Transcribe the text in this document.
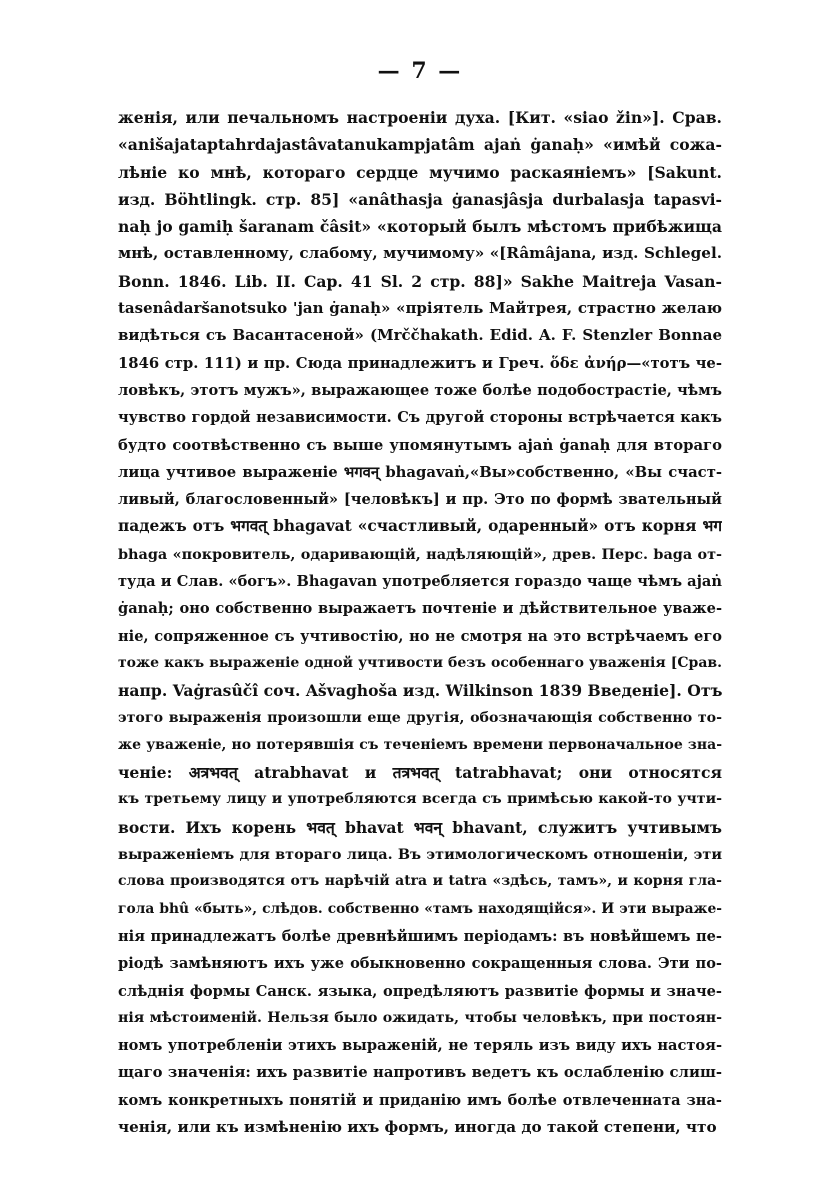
— 7 —
женія, или печальномъ настроеніи духа. [Кит. «siao žin»]. Срав.
«anišajataptahrdajastâvatanukampjatâm ajaṅ ġanaḥ» «имѣй сожа-
лѣніе ко мнѣ, котораго сердце мучимо раскаяніемъ» [Sakunt.
изд. Böhtlingk. стр. 85] «anâthasja ġanasjâsja durbalasja tapasvi-
naḥ jo gamiḥ šaranam čâsit» «который былъ мѣстомъ прибѣжища
мнѣ, оставленному, слабому, мучимому» «[Râmâjana, изд. Schlegel.
Bonn. 1846. Lib. II. Cap. 41 Sl. 2 стр. 88]» Sakhe Maitreja Vasan-
tasenâdaršanotsuko 'jan ġanaḥ» «пріятель Майтрея, страстно желаю
видѣться съ Васантасеной» (Mrččhakath. Edid. A. F. Stenzler Bonnae
1846 стр. 111) и пр. Сюда принадлежитъ и Греч. ὅδε ἀνήρ—«тотъ че-
ловѣкъ, этотъ мужъ», выражающее тоже болѣе подобострастіе, чѣмъ
чувство гордой независимости. Съ другой стороны встрѣчается какъ
будто соотвѣственно съ выше упомянутымъ ajaṅ ġanaḥ для втораго
лица учтивое выраженіе भगवन् bhagavaṅ,«Вы»собственно, «Вы счаст-
ливый, благословенный» [человѣкъ] и пр. Это по формѣ звательный
падежъ отъ भगवत् bhagavat «счастливый, одаренный» отъ корня भग
bhaga «покровитель, одаривающій, надѣляющій», древ. Перс. baga от-
туда и Слав. «богъ». Bhagavan употребляется гораздо чаще чѣмъ ajaṅ
ġanaḥ; оно собственно выражаетъ почтеніе и дѣйствительное уваже-
ніе, сопряженное съ учтивостію, но не смотря на это встрѣчаемъ его
тоже какъ выраженіе одной учтивости безъ особеннаго уваженія [Срав.
напр. Vaġrasûčî соч. Ašvaghoša изд. Wilkinson 1839 Введеніе]. Отъ
этого выраженія произошли еще другія, обозначающія собственно то-
же уваженіе, но потерявшія съ теченіемъ времени первоначальное зна-
ченіе: अत्रभवत् atrabhavat и तत्रभवत् tatrabhavat; они относятся
къ третьему лицу и употребляются всегда съ примѣсью какой-то учти-
вости. Ихъ корень भवत् bhavat भवन् bhavant, служитъ учтивымъ
выраженіемъ для втораго лица. Въ этимологическомъ отношеніи, эти
слова производятся отъ нарѣчій atra и tatra «здѣсь, тамъ», и корня гла-
гола bhû «быть», слѣдов. собственно «тамъ находящійся». И эти выраже-
нія принадлежатъ болѣе древнѣйшимъ періодамъ: въ новѣйшемъ пе-
ріодѣ замѣняютъ ихъ уже обыкновенно сокращенныя слова. Эти по-
слѣднія формы Санск. языка, опредѣляютъ развитіе формы и значе-
нія мѣстоименій. Нельзя было ожидать, чтобы человѣкъ, при постоян-
номъ употребленіи этихъ выраженій, не теряль изъ виду ихъ настоя-
щаго значенія: ихъ развитіе напротивъ ведетъ къ ослабленію слиш-
комъ конкретныхъ понятій и приданію имъ болѣе отвлеченната зна-
ченія, или къ измѣненію ихъ формъ, иногда до такой степени, что
